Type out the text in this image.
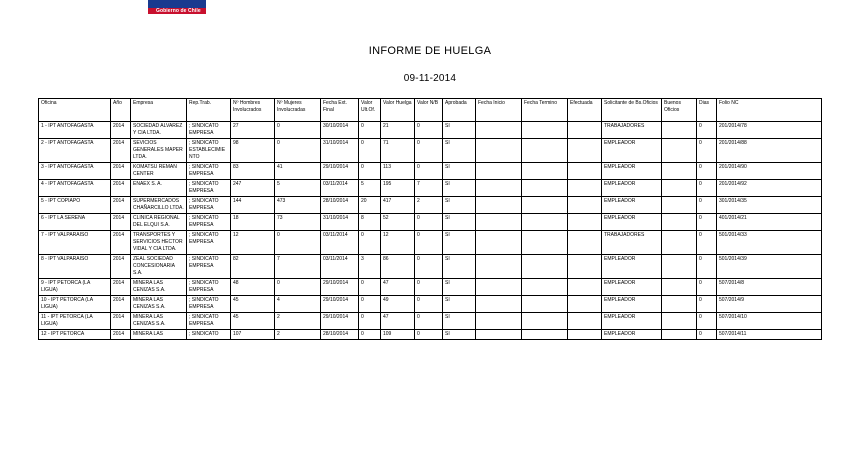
Gobierno de Chile
INFORME DE HUELGA
09-11-2014
Oficina	Año	Empresa	Rep.Trab.	Nº Hombres Involucrados	Nº Mujeres Involucradas	Fecha Ext. Final	Valor Ult.Of.	Valor Huelga	Valor N/B	Aprobada	Fecha Inicio	Fecha Termino	Efectuada	Solicitante de Bs.Oficios	Buenos Oficios	Dias	Folio NC
1 - IPT ANTOFAGASTA	2014	SOCIEDAD ALVAREZ Y CIA LTDA.	; SINDICATO EMPRESA	27	0	30/10/2014	0	21	0	SI				TRABAJADORES		0	201/2014/78
2 - IPT ANTOFAGASTA	2014	SEVICIOS GENERALES MAPER LTDA.	; SINDICATO ESTABLECIMIENTO	98	0	31/10/2014	0	71	0	SI				EMPLEADOR		0	201/2014/88
3 - IPT ANTOFAGASTA	2014	KOMATSU REMAN CENTER	; SINDICATO EMPRESA	83	41	29/10/2014	0	113	0	SI				EMPLEADOR		0	201/2014/90
4 - IPT ANTOFAGASTA	2014	ENAEX S. A.	; SINDICATO EMPRESA	247	5	03/11/2014	5	195	7	SI				EMPLEADOR		0	201/2014/92
5 - IPT COPIAPO	2014	SUPERMERCADOS CHAÑARCILLO LTDA.	; SINDICATO EMPRESA	144	473	28/10/2014	20	417	2	SI				EMPLEADOR		0	301/2014/35
6 - IPT LA SERENA	2014	CLINICA REGIONAL DEL ELQUI S.A.	; SINDICATO EMPRESA	18	73	31/10/2014	8	52	0	SI				EMPLEADOR		0	401/2014/21
7 - IPT VALPARAISO	2014	TRANSPORTES Y SERVICIOS HECTOR VIDAL Y CIA LTDA.	; SINDICATO EMPRESA	12	0	03/11/2014	0	12	0	SI				TRABAJADORES		0	501/2014/33
8 - IPT VALPARAISO	2014	ZEAL SOCIEDAD CONCESIONARIA S.A.	; SINDICATO EMPRESA	82	7	03/11/2014	3	86	0	SI				EMPLEADOR		0	501/2014/39
9 - IPT PETORCA (LA LIGUA)	2014	MINERA LAS CENIZAS S.A.	; SINDICATO EMPRESA	48	0	29/10/2014	0	47	0	SI				EMPLEADOR		0	507/2014/8
10 - IPT PETORCA (LA LIGUA)	2014	MINERA LAS CENIZAS S.A.	; SINDICATO EMPRESA	45	4	29/10/2014	0	49	0	SI				EMPLEADOR		0	507/2014/9
11 - IPT PETORCA (LA LIGUA)	2014	MINERA LAS CENIZAS S.A.	; SINDICATO EMPRESA	45	2	29/10/2014	0	47	0	SI				EMPLEADOR		0	507/2014/10
12 - IPT PETORCA	2014	MINERA LAS	; SINDICATO	107	2	28/10/2014	0	109	0	SI				EMPLEADOR		0	507/2014/11
